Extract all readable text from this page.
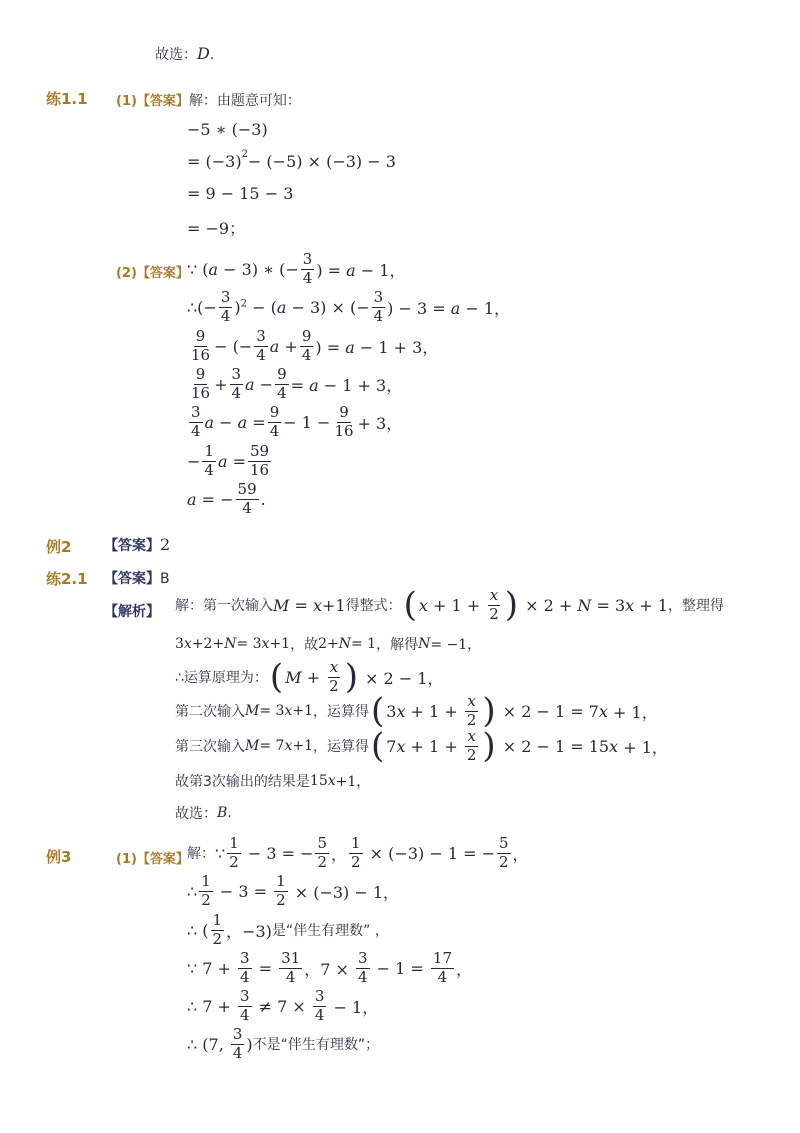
故选： D .
练1.1 (1)【答案】解：由题意可知：
−5 ∗ (−3)
= $(-3)^2 - (-5) \times (-3) - 3$
= 9 − 15 − 3
= −9；
(2)【答案】
∵ (a − 3) ∗ (− $\frac{3}{4}$ ) = a − 1，
∴(− $\frac{3}{4} )^2 - (a - 3)$ × (− $\frac{3}{4}$ ) − 3 = a − 1，
$\frac{9}{16}$ − (− $\frac{3}{4}$ $a + \frac{9}{4}$ ) = a − 1 + 3，
$\frac{9}{16} + \frac{3}{4}$ $a - \frac{9}{4} = a - 1 + 3$，
$\frac{3}{4}$ $a - a = \frac{9}{4} - 1 - \frac{9}{16} + 3$，
− $\frac{1}{4}$ $a = \frac{59}{16}$
a = − $\frac{59}{4}$ .
例2 【答案】2
练2.1 【答案】B
【解析】 解：第一次输入 M = x +1 得整式： ( $x + 1 + \frac{x}{2}$ ) × 2 + N = 3 x + 1 ，整理得
3 x +2+ N = 3 x +1 ，故 2+ N = 1 ，解得 N = −1，
∴运算原理为： ( $M + \frac{x}{2}$ ) × 2 − 1，
第二次输入 M = 3 x +1 ，运算得 ( 3 $x + 1 + \frac{x}{2}$ ) × 2 − 1 = 7 x + 1，
第三次输入 M = 7 x +1 ，运算得 ( 7 $x + 1 + \frac{x}{2}$ ) × 2 − 1 = 15 x + 1，
故第3次输出的结果是 15 x +1，
故选： B .
例3	(1)【答案】
解： ∵ $\frac{1}{2} - 3$ = − $\frac{5}{2}$ ， $\frac{1}{2} \times (-3) - 1$ = − $\frac{5}{2}$ ，
∴ $\frac{1}{2} - 3 = \frac{1}{2} \times (-3) - 1$，
∴ ( $\frac{1}{2}$ ，−3) 是“伴生有理数” ，
∵ $7 + \frac{3}{4} = \frac{31}{4}$ ，$7 \times \frac{3}{4} - 1 = \frac{17}{4}$ ，
∴ $7 + \frac{3}{4} \ne 7 \times \frac{3}{4} - 1$，
∴ (7, $\frac{3}{4}$ ) 不是“伴生有理数” ；
